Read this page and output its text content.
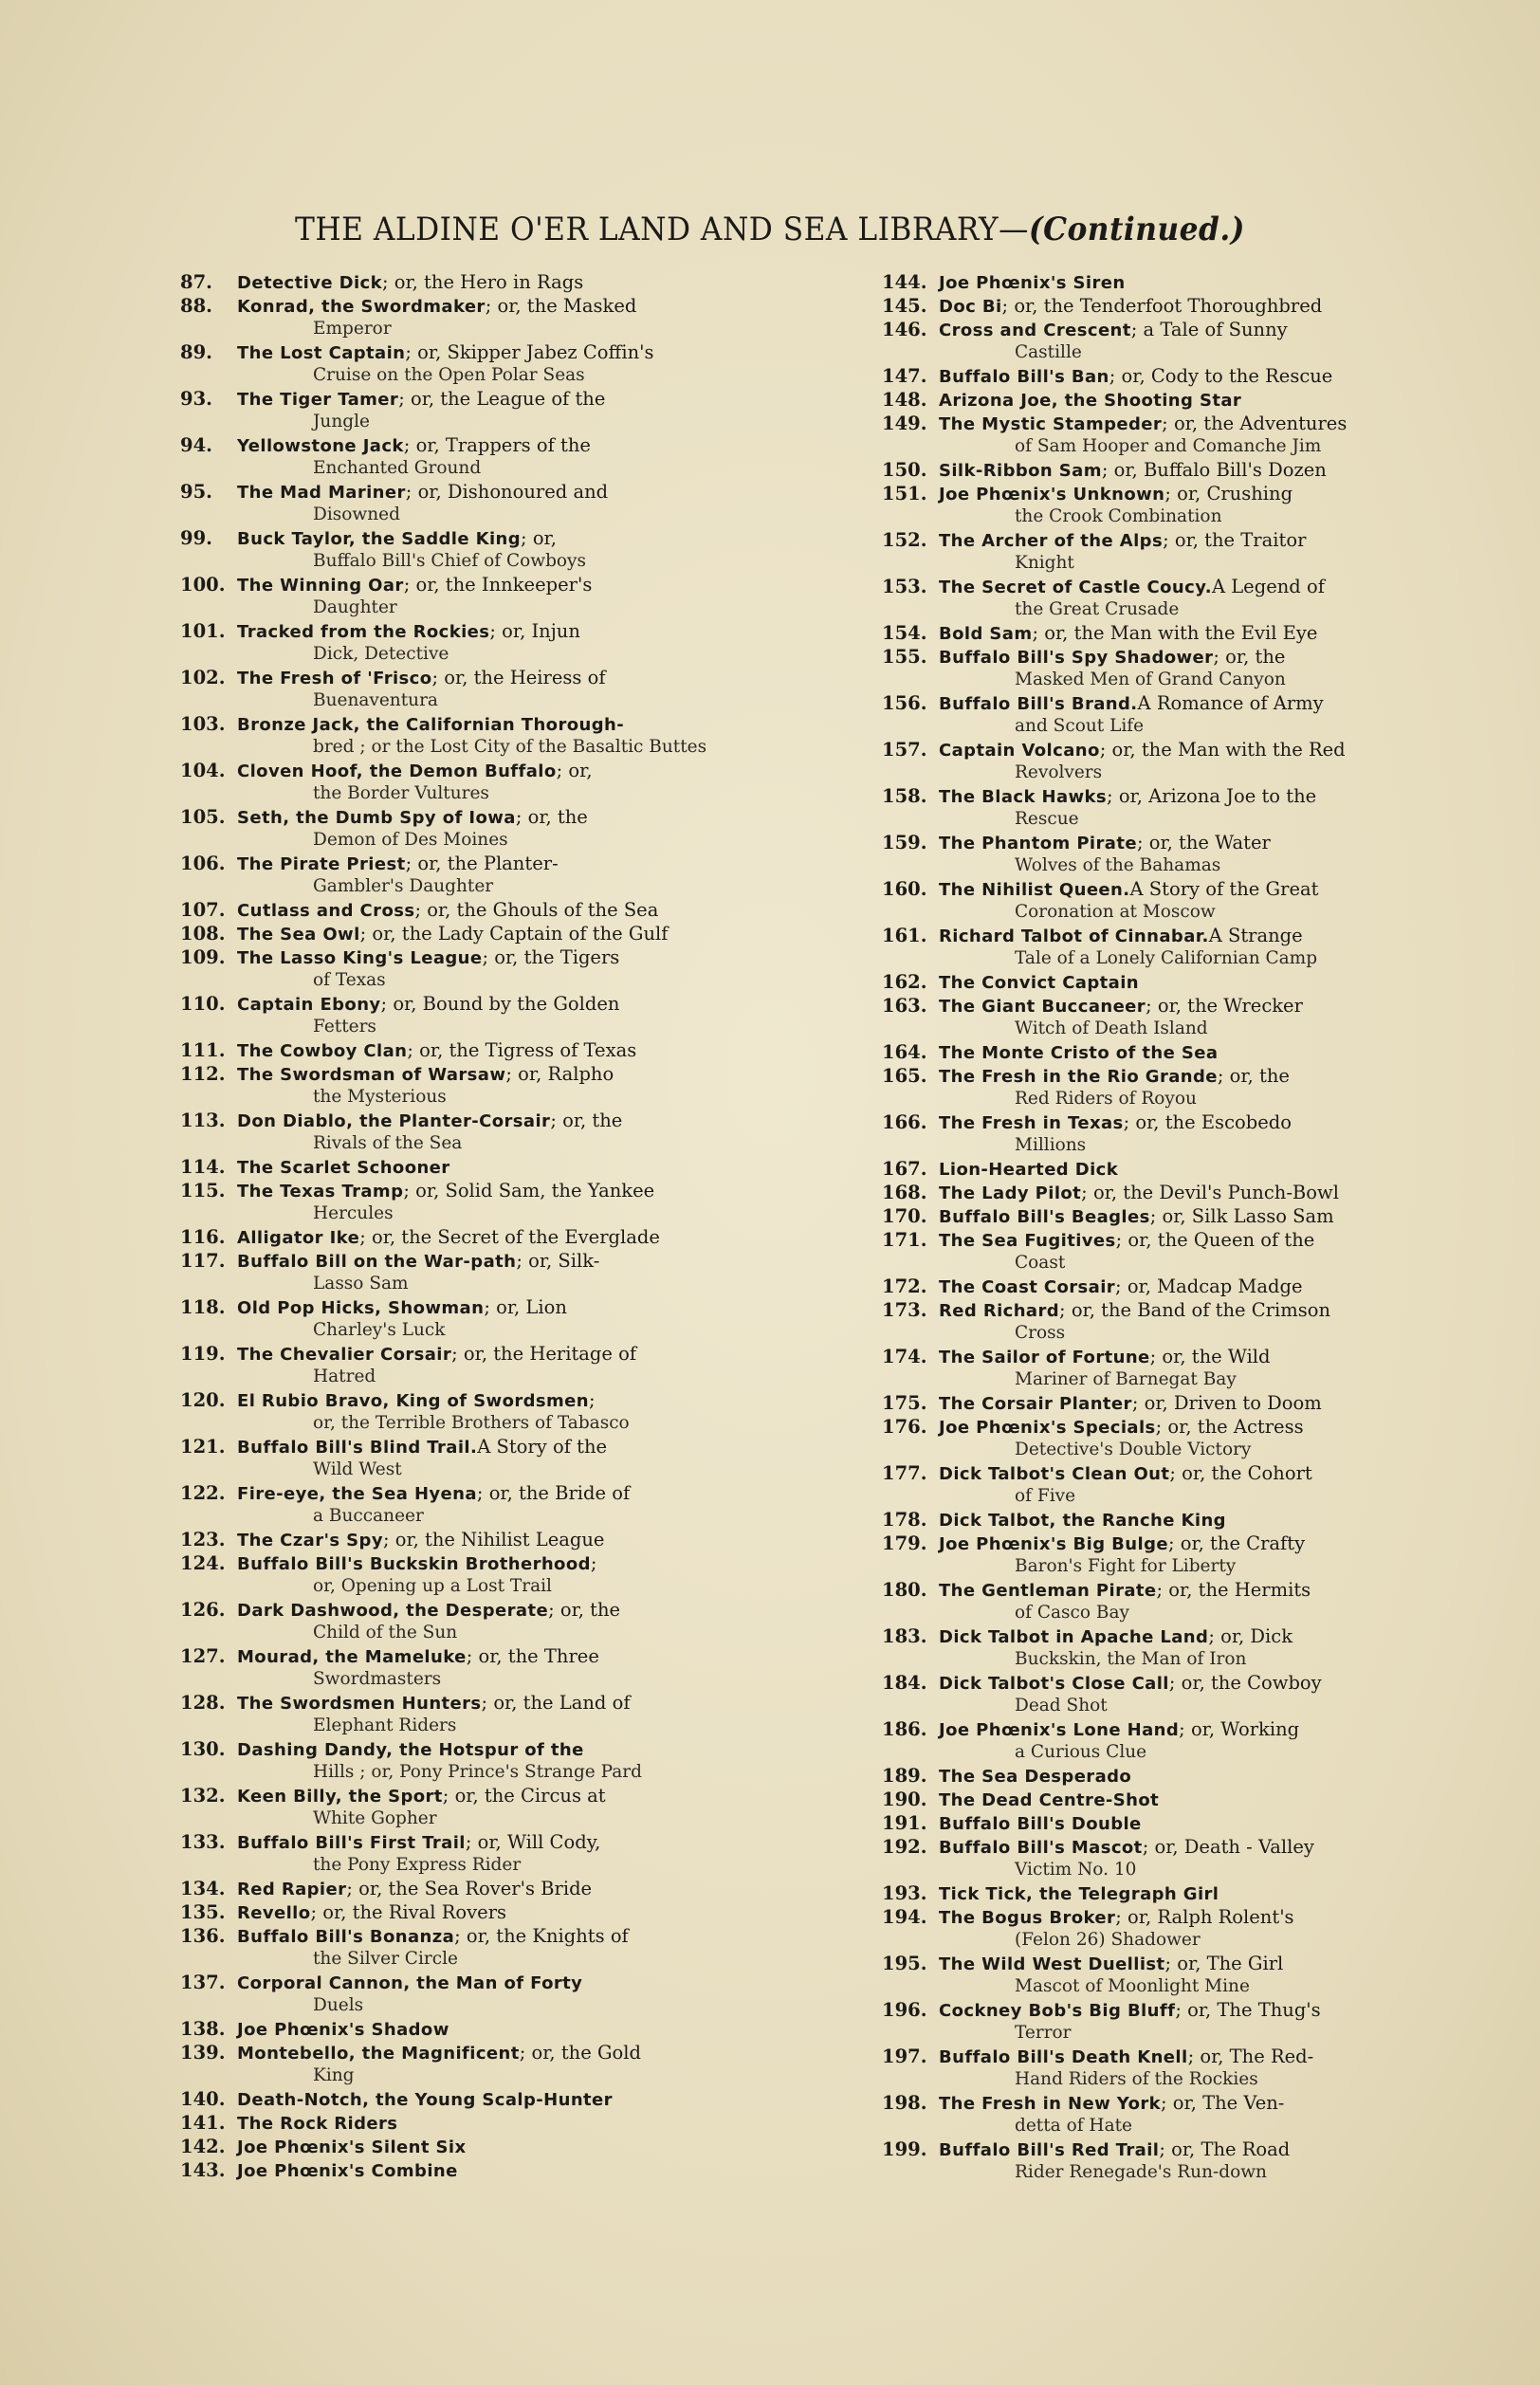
THE ALDINE O'ER LAND AND SEA LIBRARY—(Continued.)
87.	Detective Dick ; or, the Hero in Rags
88.	Konrad, the Swordmaker ; or, the Masked
Emperor
89.	The Lost Captain ; or, Skipper Jabez Coffin's
Cruise on the Open Polar Seas
93.	The Tiger Tamer ; or, the League of the
Jungle
94.	Yellowstone Jack ; or, Trappers of the
Enchanted Ground
95.	The Mad Mariner ; or, Dishonoured and
Disowned
99.	Buck Taylor, the Saddle King ; or,
Buffalo Bill's Chief of Cowboys
100. The Winning Oar ; or, the Innkeeper's
Daughter
101. Tracked from the Rockies ; or, Injun
Dick, Detective
102. The Fresh of 'Frisco ; or, the Heiress of
Buenaventura
103. Bronze Jack, the Californian Thorough-
bred ; or the Lost City of the Basaltic Buttes
104. Cloven Hoof, the Demon Buffalo ; or,
the Border Vultures
105. Seth, the Dumb Spy of Iowa ; or, the
Demon of Des Moines
106. The Pirate Priest ; or, the Planter-
Gambler's Daughter
107. Cutlass and Cross ; or, the Ghouls of the Sea
108. The Sea Owl ; or, the Lady Captain of the Gulf
109. The Lasso King's League ; or, the Tigers
of Texas
110. Captain Ebony ; or, Bound by the Golden
Fetters
111. The Cowboy Clan ; or, the Tigress of Texas
112. The Swordsman of Warsaw ; or, Ralpho
the Mysterious
113. Don Diablo, the Planter-Corsair ; or, the
Rivals of the Sea
114. The Scarlet Schooner
115. The Texas Tramp ; or, Solid Sam, the Yankee
Hercules
116. Alligator Ike ; or, the Secret of the Everglade
117. Buffalo Bill on the War-path ; or, Silk-
Lasso Sam
118. Old Pop Hicks, Showman ; or, Lion
Charley's Luck
119. The Chevalier Corsair ; or, the Heritage of
Hatred
120. El Rubio Bravo, King of Swordsmen ;
or, the Terrible Brothers of Tabasco
121. Buffalo Bill's Blind Trail. A Story of the
Wild West
122. Fire-eye, the Sea Hyena ; or, the Bride of
a Buccaneer
123. The Czar's Spy ; or, the Nihilist League
124. Buffalo Bill's Buckskin Brotherhood ;
or, Opening up a Lost Trail
126. Dark Dashwood, the Desperate ; or, the
Child of the Sun
127. Mourad, the Mameluke ; or, the Three
Swordmasters
128. The Swordsmen Hunters ; or, the Land of
Elephant Riders
130. Dashing Dandy, the Hotspur of the
Hills ; or, Pony Prince's Strange Pard
132. Keen Billy, the Sport ; or, the Circus at
White Gopher
133. Buffalo Bill's First Trail ; or, Will Cody,
the Pony Express Rider
134. Red Rapier ; or, the Sea Rover's Bride
135. Revello ; or, the Rival Rovers
136. Buffalo Bill's Bonanza ; or, the Knights of
the Silver Circle
137. Corporal Cannon, the Man of Forty
Duels
138. Joe Phœnix's Shadow
139. Montebello, the Magnificent ; or, the Gold
King
140. Death-Notch, the Young Scalp-Hunter
141. The Rock Riders
142. Joe Phœnix's Silent Six
143. Joe Phœnix's Combine
144. Joe Phœnix's Siren
145. Doc Bi ; or, the Tenderfoot Thoroughbred
146. Cross and Crescent ; a Tale of Sunny
Castille
147. Buffalo Bill's Ban ; or, Cody to the Rescue
148. Arizona Joe, the Shooting Star
149. The Mystic Stampeder ; or, the Adventures
of Sam Hooper and Comanche Jim
150. Silk-Ribbon Sam ; or, Buffalo Bill's Dozen
151. Joe Phœnix's Unknown ; or, Crushing
the Crook Combination
152. The Archer of the Alps ; or, the Traitor
Knight
153. The Secret of Castle Coucy. A Legend of
the Great Crusade
154. Bold Sam ; or, the Man with the Evil Eye
155. Buffalo Bill's Spy Shadower ; or, the
Masked Men of Grand Canyon
156. Buffalo Bill's Brand. A Romance of Army
and Scout Life
157. Captain Volcano ; or, the Man with the Red
Revolvers
158. The Black Hawks ; or, Arizona Joe to the
Rescue
159. The Phantom Pirate ; or, the Water
Wolves of the Bahamas
160. The Nihilist Queen. A Story of the Great
Coronation at Moscow
161. Richard Talbot of Cinnabar. A Strange
Tale of a Lonely Californian Camp
162. The Convict Captain
163. The Giant Buccaneer ; or, the Wrecker
Witch of Death Island
164. The Monte Cristo of the Sea
165. The Fresh in the Rio Grande ; or, the
Red Riders of Royou
166. The Fresh in Texas ; or, the Escobedo
Millions
167. Lion-Hearted Dick
168. The Lady Pilot ; or, the Devil's Punch-Bowl
170. Buffalo Bill's Beagles ; or, Silk Lasso Sam
171. The Sea Fugitives ; or, the Queen of the
Coast
172. The Coast Corsair ; or, Madcap Madge
173. Red Richard ; or, the Band of the Crimson
Cross
174. The Sailor of Fortune ; or, the Wild
Mariner of Barnegat Bay
175. The Corsair Planter ; or, Driven to Doom
176. Joe Phœnix's Specials ; or, the Actress
Detective's Double Victory
177. Dick Talbot's Clean Out ; or, the Cohort
of Five
178. Dick Talbot, the Ranche King
179. Joe Phœnix's Big Bulge ; or, the Crafty
Baron's Fight for Liberty
180. The Gentleman Pirate ; or, the Hermits
of Casco Bay
183. Dick Talbot in Apache Land ; or, Dick
Buckskin, the Man of Iron
184. Dick Talbot's Close Call ; or, the Cowboy
Dead Shot
186. Joe Phœnix's Lone Hand ; or, Working
a Curious Clue
189. The Sea Desperado
190. The Dead Centre-Shot
191. Buffalo Bill's Double
192. Buffalo Bill's Mascot ; or, Death - Valley
Victim No. 10
193. Tick Tick, the Telegraph Girl
194. The Bogus Broker ; or, Ralph Rolent's
(Felon 26) Shadower
195. The Wild West Duellist ; or, The Girl
Mascot of Moonlight Mine
196. Cockney Bob's Big Bluff ; or, The Thug's
Terror
197. Buffalo Bill's Death Knell ; or, The Red-
Hand Riders of the Rockies
198. The Fresh in New York ; or, The Ven-
detta of Hate
199. Buffalo Bill's Red Trail ; or, The Road
Rider Renegade's Run-down
